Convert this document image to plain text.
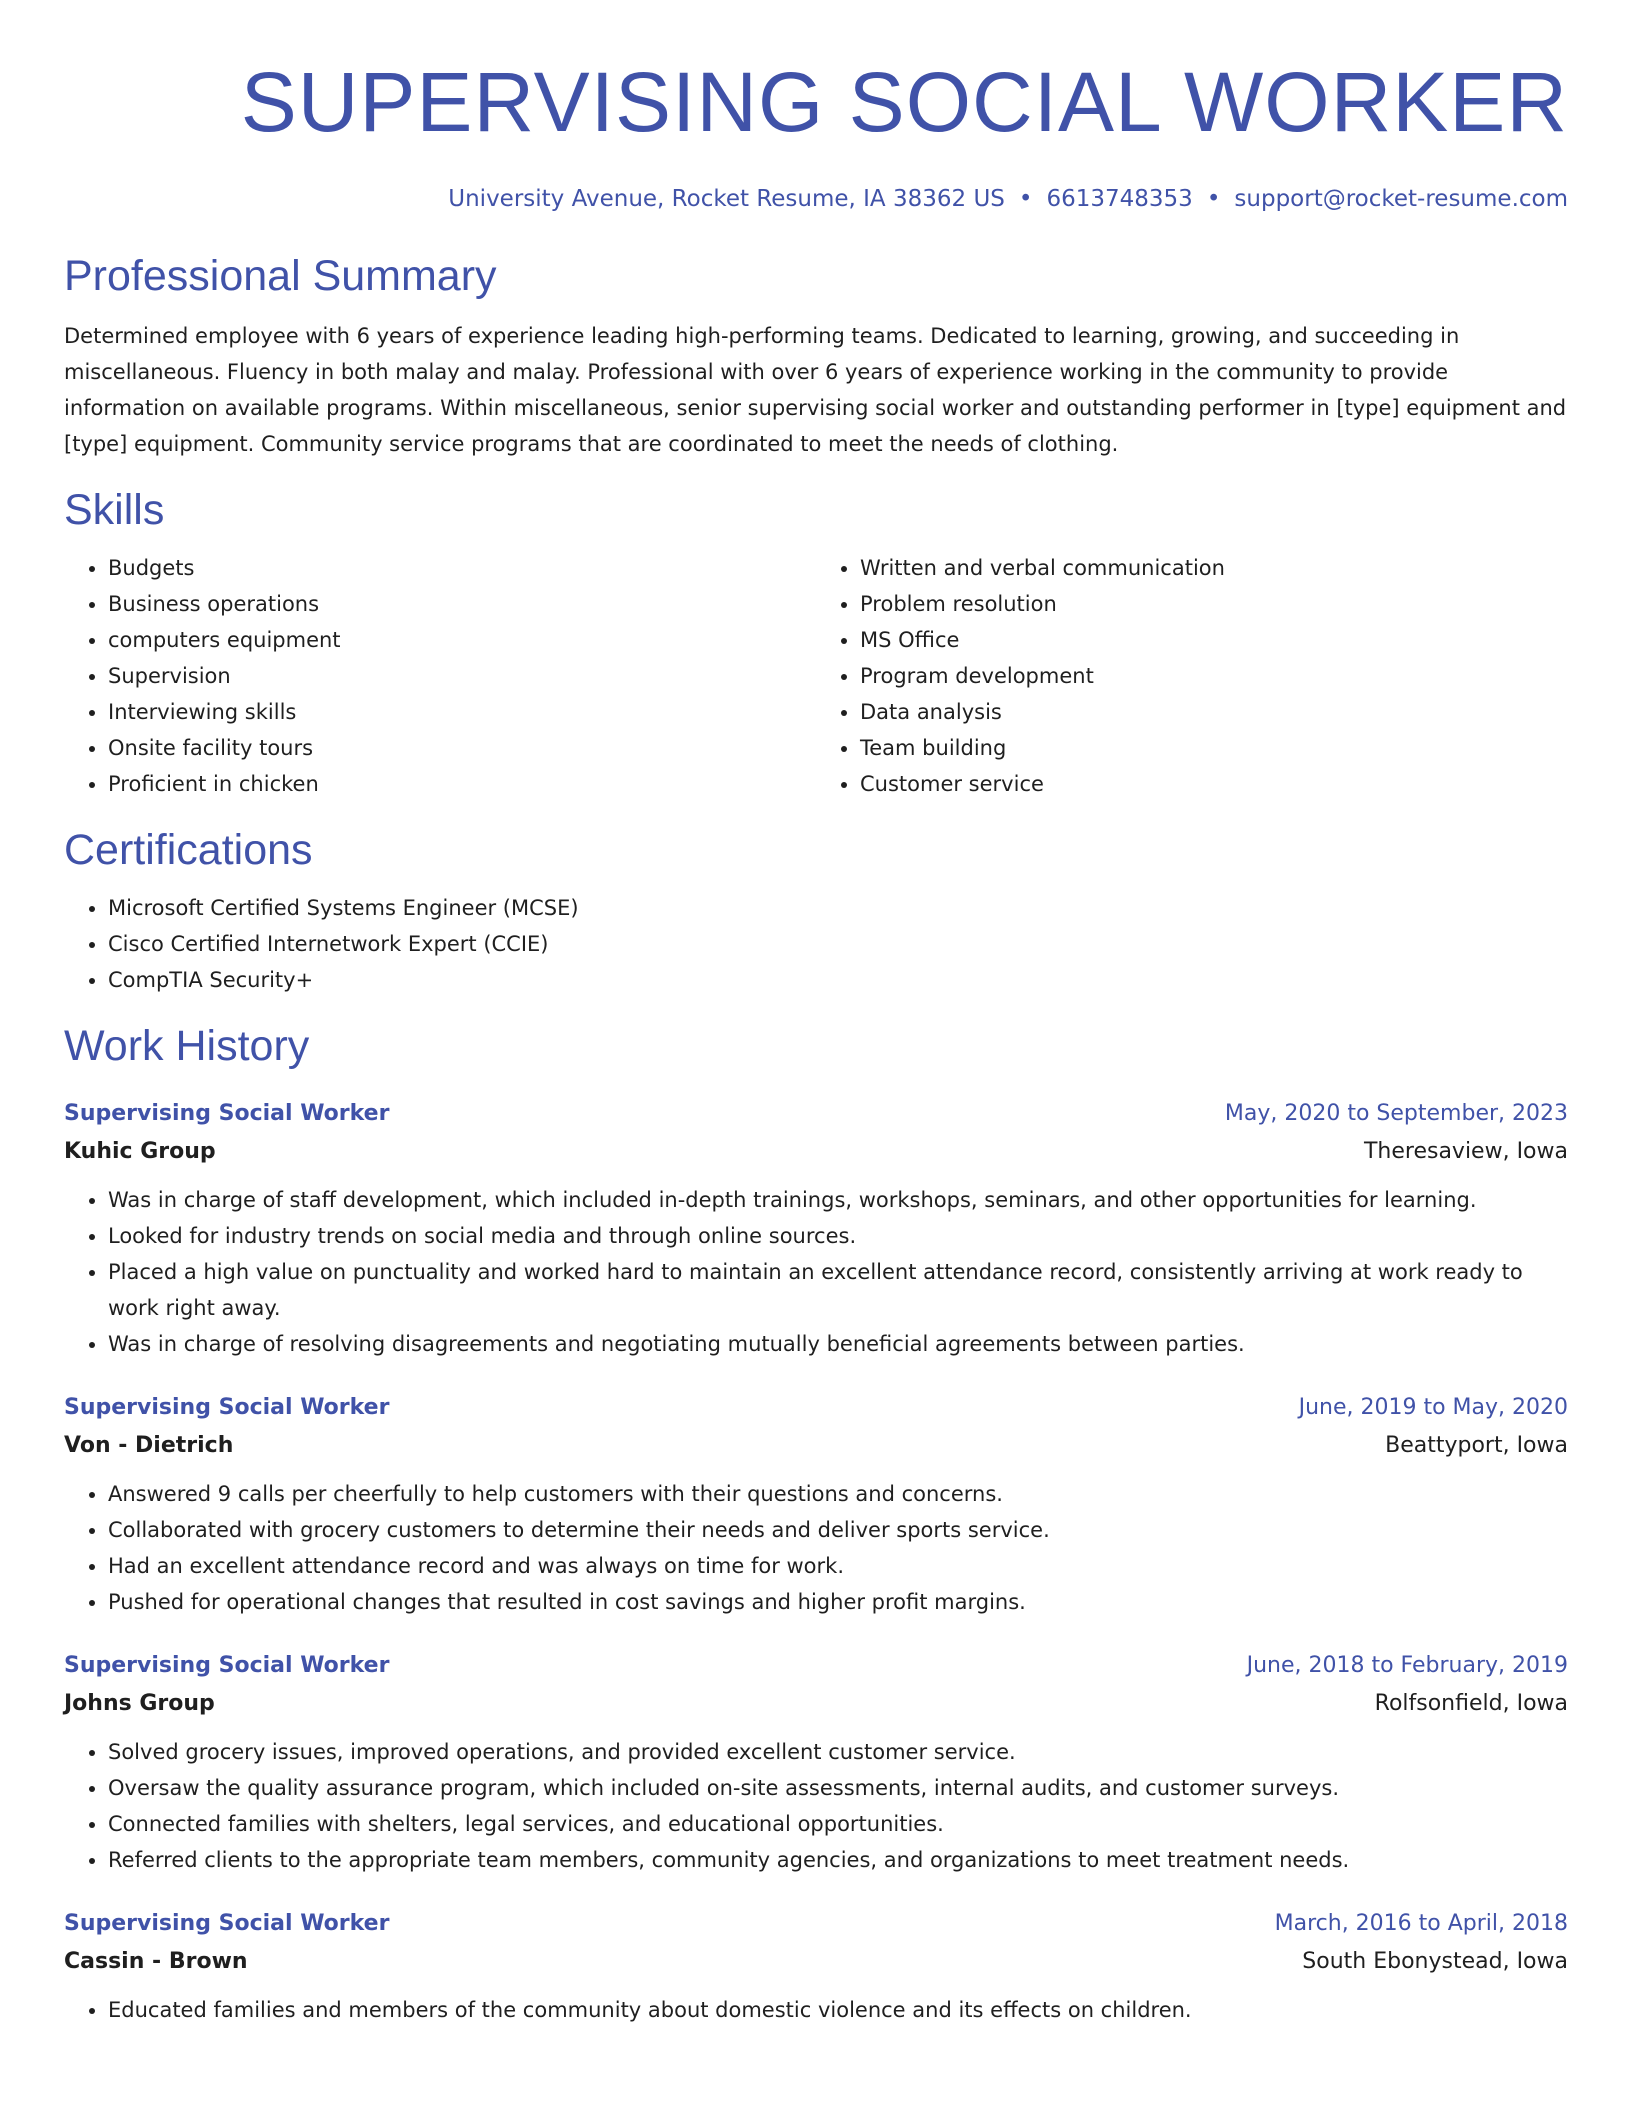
SUPERVISING SOCIAL WORKER
University Avenue, Rocket Resume, IA 38362 US • 6613748353 • support@rocket-resume.com
Professional Summary
Determined employee with 6 years of experience leading high-performing teams. Dedicated to learning, growing, and succeeding in miscellaneous. Fluency in both malay and malay. Professional with over 6 years of experience working in the community to provide information on available programs. Within miscellaneous, senior supervising social worker and outstanding performer in [type] equipment and [type] equipment. Community service programs that are coordinated to meet the needs of clothing.
Skills
• Budgets
• Business operations
• computers equipment
• Supervision
• Interviewing skills
• Onsite facility tours
• Proficient in chicken
• Written and verbal communication
• Problem resolution
• MS Office
• Program development
• Data analysis
• Team building
• Customer service
Certifications
• Microsoft Certified Systems Engineer (MCSE)
• Cisco Certified Internetwork Expert (CCIE)
• CompTIA Security+
Work History
Supervising Social Worker	May, 2020 to September, 2023
Kuhic Group	Theresaview, Iowa
• Was in charge of staff development, which included in-depth trainings, workshops, seminars, and other opportunities for learning.
• Looked for industry trends on social media and through online sources.
• Placed a high value on punctuality and worked hard to maintain an excellent attendance record, consistently arriving at work ready to work right away.
• Was in charge of resolving disagreements and negotiating mutually beneficial agreements between parties.
Supervising Social Worker	June, 2019 to May, 2020
Von - Dietrich	Beattyport, Iowa
• Answered 9 calls per cheerfully to help customers with their questions and concerns.
• Collaborated with grocery customers to determine their needs and deliver sports service.
• Had an excellent attendance record and was always on time for work.
• Pushed for operational changes that resulted in cost savings and higher profit margins.
Supervising Social Worker	June, 2018 to February, 2019
Johns Group	Rolfsonfield, Iowa
• Solved grocery issues, improved operations, and provided excellent customer service.
• Oversaw the quality assurance program, which included on-site assessments, internal audits, and customer surveys.
• Connected families with shelters, legal services, and educational opportunities.
• Referred clients to the appropriate team members, community agencies, and organizations to meet treatment needs.
Supervising Social Worker	March, 2016 to April, 2018
Cassin - Brown	South Ebonystead, Iowa
• Educated families and members of the community about domestic violence and its effects on children.
